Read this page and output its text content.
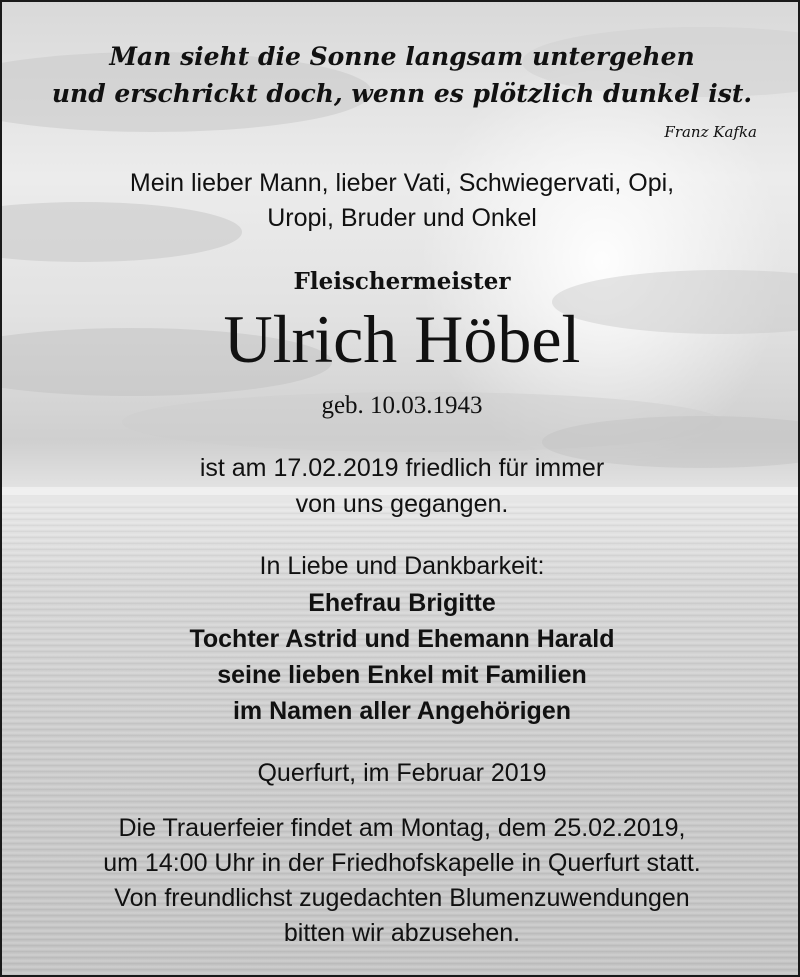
Man sieht die Sonne langsam untergehen

und erschrickt doch, wenn es plötzlich dunkel ist.

Franz Kafka

Mein lieber Mann, lieber Vati, Schwiegervati, Opi,

Uropi, Bruder und Onkel

Fleischermeister

Ulrich Höbel

geb. 10.03.1943

ist am 17.02.2019 friedlich für immer

von uns gegangen.

In Liebe und Dankbarkeit:

Ehefrau Brigitte

Tochter Astrid und Ehemann Harald

seine lieben Enkel mit Familien

im Namen aller Angehörigen

Querfurt, im Februar 2019

Die Trauerfeier findet am Montag, dem 25.02.2019,

um 14:00 Uhr in der Friedhofskapelle in Querfurt statt.

Von freundlichst zugedachten Blumenzuwendungen

bitten wir abzusehen.
